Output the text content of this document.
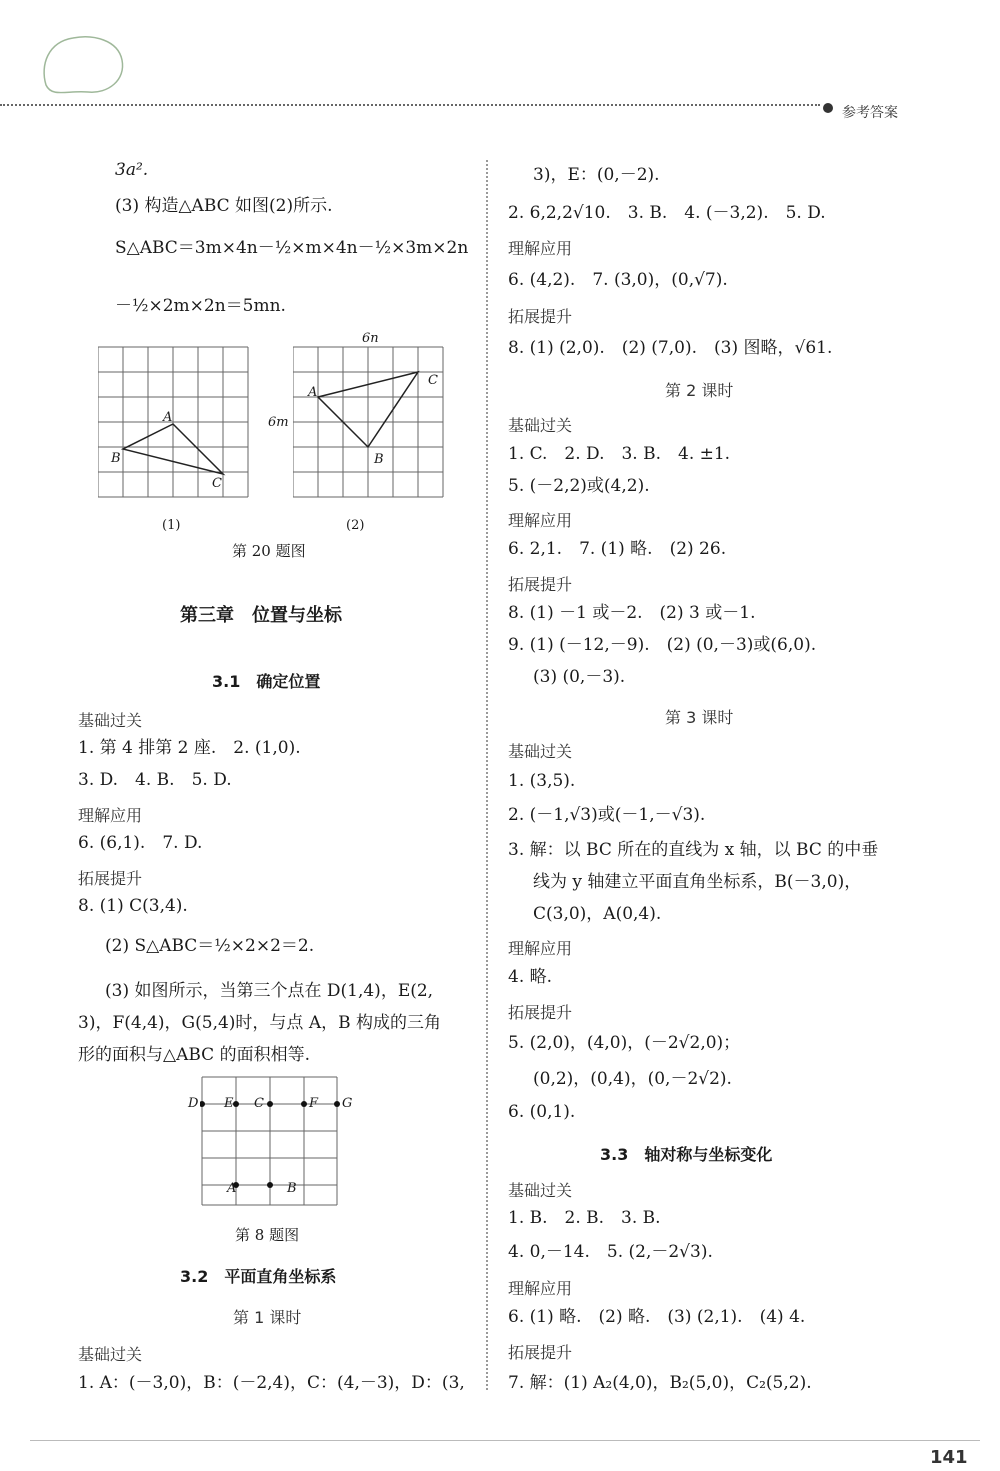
参考答案
3a².
(3) 构造△ABC 如图(2)所示.
S△ABC＝3m×4n－½×m×4n－½×3m×2n
－½×2m×2n＝5mn.
A
B
C
(1)
6n
6m
A
C
B
(2)
第 20 题图
第三章　位置与坐标
3.1　确定位置
基础过关
1. 第 4 排第 2 座.　2. (1,0).
3. D.　4. B.　5. D.
理解应用
6. (6,1).　7. D.
拓展提升
8. (1) C(3,4).
(2) S△ABC＝½×2×2＝2.
(3) 如图所示，当第三个点在 D(1,4)，E(2,
3)，F(4,4)，G(5,4)时，与点 A，B 构成的三角
形的面积与△ABC 的面积相等.
D E C	F G
A	B
第 8 题图
3.2　平面直角坐标系
第 1 课时
基础过关
1. A：(－3,0)，B：(－2,4)，C：(4,－3)，D：(3,
3)，E：(0,－2).
2. 6,2,2√10.　3. B.　4. (－3,2).　5. D.
理解应用
6. (4,2).　7. (3,0)，(0,√7).
拓展提升
8. (1) (2,0).　(2) (7,0).　(3) 图略，√61.
第 2 课时
基础过关
1. C.　2. D.　3. B.　4. ±1.
5. (－2,2)或(4,2).
理解应用
6. 2,1.　7. (1) 略.　(2) 26.
拓展提升
8. (1) －1 或－2.　(2) 3 或－1.
9. (1) (－12,－9).　(2) (0,－3)或(6,0).
(3) (0,－3).
第 3 课时
基础过关
1. (3,5).
2. (－1,√3)或(－1,－√3).
3. 解：以 BC 所在的直线为 x 轴，以 BC 的中垂
线为 y 轴建立平面直角坐标系，B(－3,0)，
C(3,0)，A(0,4).
理解应用
4. 略.
拓展提升
5. (2,0)，(4,0)，(－2√2,0)；
(0,2)，(0,4)，(0,－2√2).
6. (0,1).
3.3　轴对称与坐标变化
基础过关
1. B.　2. B.　3. B.
4. 0,－14.　5. (2,－2√3).
理解应用
6. (1) 略.　(2) 略.　(3) (2,1).　(4) 4.
拓展提升
7. 解：(1) A₂(4,0)，B₂(5,0)，C₂(5,2).
141
